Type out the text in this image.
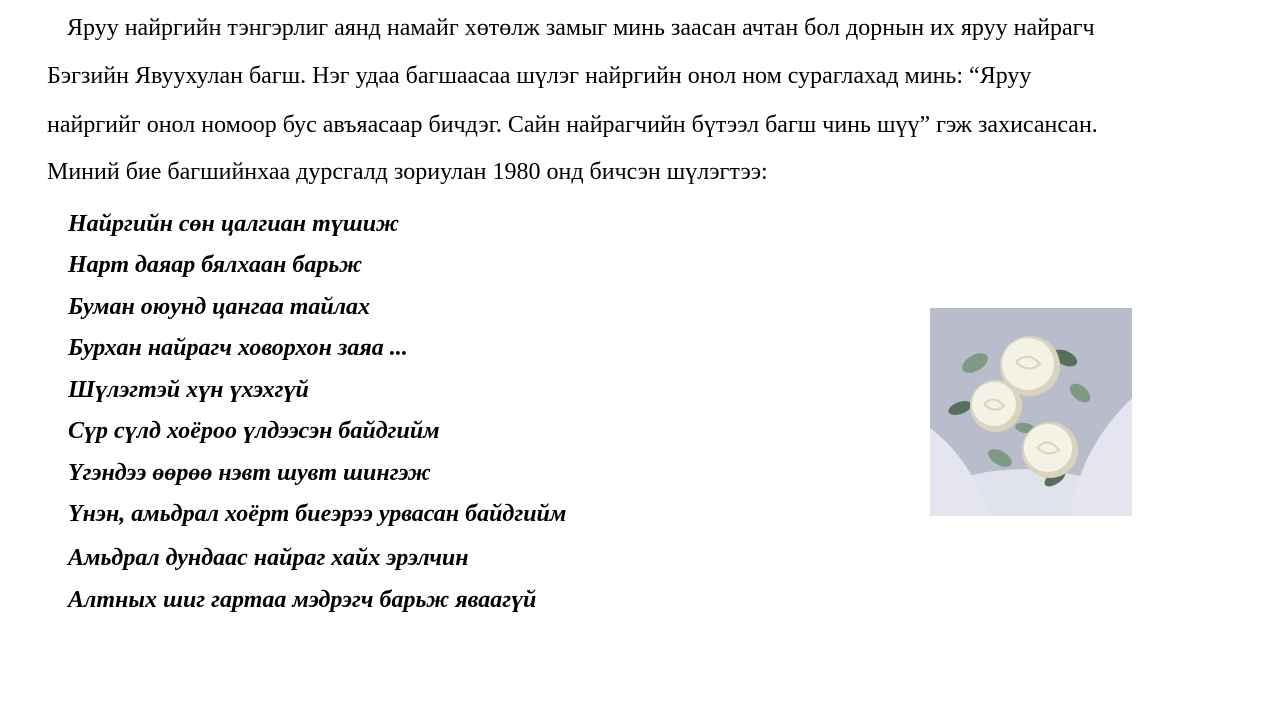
Яруу найргийн тэнгэрлиг аянд намайг хөтөлж замыг минь заасан ачтан бол дорнын их яруу найрагч
Бэгзийн Явуухулан багш. Нэг удаа багшаасаа шүлэг найргийн онол ном сураглахад минь: “Яруу
найргийг онол номоор бус авъяасаар бичдэг. Сайн найрагчийн бүтээл багш чинь шүү” гэж захисансан.
Миний бие багшийнхаа дурсгалд зориулан 1980 онд бичсэн шүлэгтээ:
Найргийн сөн цалгиан түшиж
Нарт даяар бялхаан барьж
Буман оюунд цангаа тайлах
Бурхан найрагч ховорхон заяа ...
Шүлэгтэй хүн үхэхгүй
Сүр сүлд хоёроо үлдээсэн байдгийм
Үгэндээ өөрөө нэвт шувт шингэж
Үнэн, амьдрал хоёрт биеэрээ урвасан байдгийм
Амьдрал дундаас найраг хайх эрэлчин
Алтных шиг гартаа мэдрэгч барьж яваагүй
